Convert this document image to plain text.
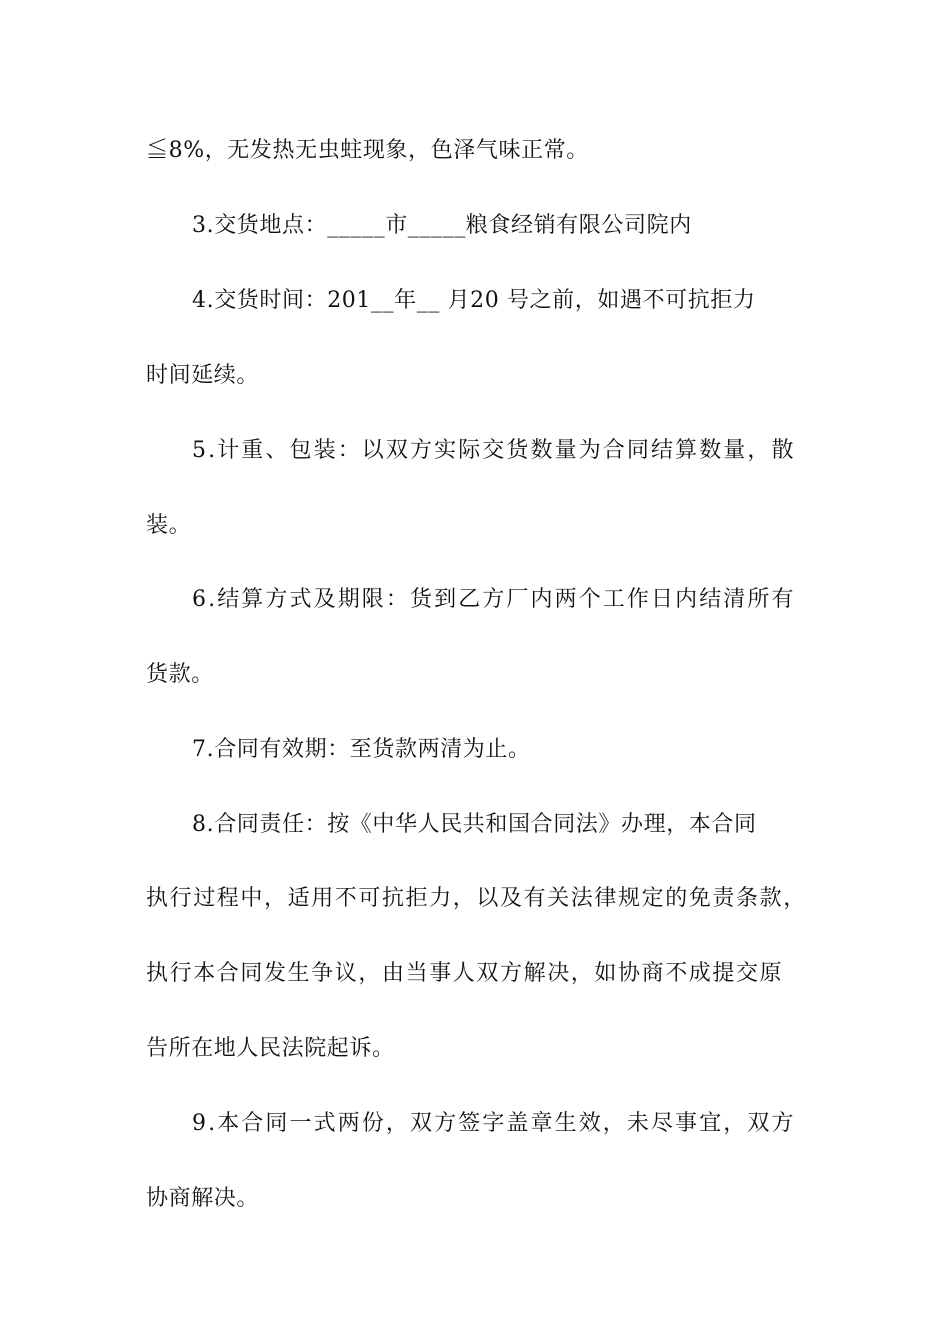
≦8%，无发热无虫蛀现象，色泽气味正常。
3.交货地点：_____市_____粮食经销有限公司院内
4.交货时间：201__年__ 月20 号之前，如遇不可抗拒力
时间延续。
5.计重、包装：以双方实际交货数量为合同结算数量，散
装。
6.结算方式及期限：货到乙方厂内两个工作日内结清所有
货款。
7.合同有效期：至货款两清为止。
8.合同责任：按《中华人民共和国合同法》办理，本合同
执行过程中，适用不可抗拒力，以及有关法律规定的免责条款，
执行本合同发生争议，由当事人双方解决，如协商不成提交原
告所在地人民法院起诉。
9.本合同一式两份，双方签字盖章生效，未尽事宜，双方
协商解决。
